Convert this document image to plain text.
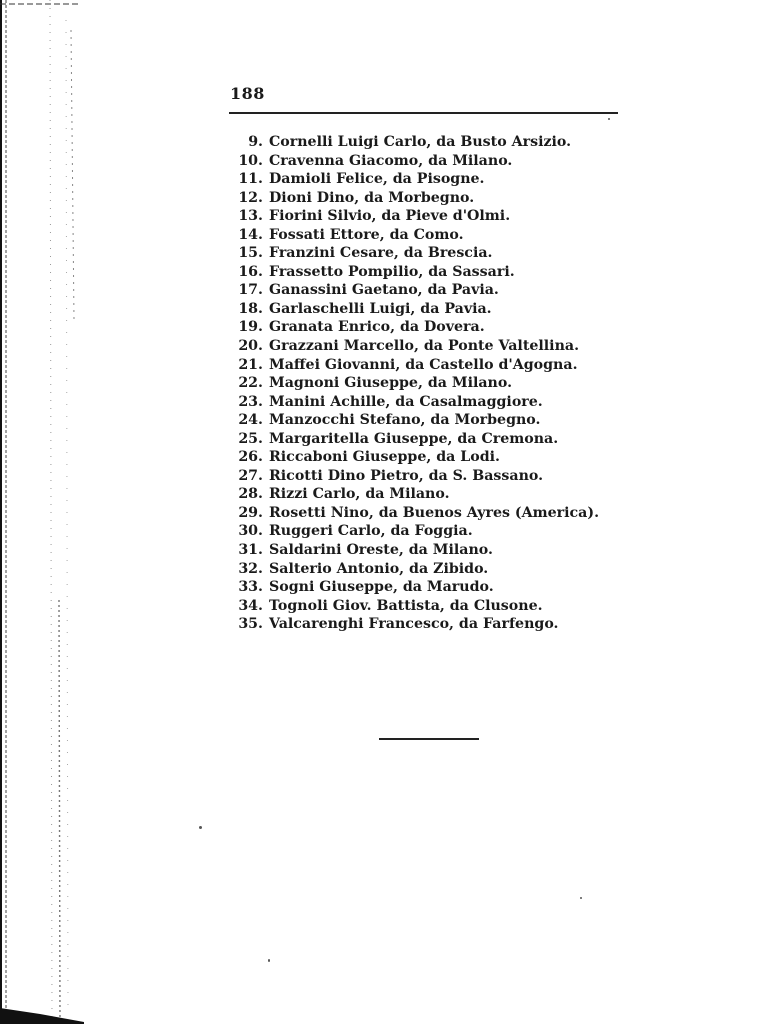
188
9. Cornelli Luigi Carlo, da Busto Arsizio.
10. Cravenna Giacomo, da Milano.
11. Damioli Felice, da Pisogne.
12. Dioni Dino, da Morbegno.
13. Fiorini Silvio, da Pieve d'Olmi.
14. Fossati Ettore, da Como.
15. Franzini Cesare, da Brescia.
16. Frassetto Pompilio, da Sassari.
17. Ganassini Gaetano, da Pavia.
18. Garlaschelli Luigi, da Pavia.
19. Granata Enrico, da Dovera.
20. Grazzani Marcello, da Ponte Valtellina.
21. Maffei Giovanni, da Castello d'Agogna.
22. Magnoni Giuseppe, da Milano.
23. Manini Achille, da Casalmaggiore.
24. Manzocchi Stefano, da Morbegno.
25. Margaritella Giuseppe, da Cremona.
26. Riccaboni Giuseppe, da Lodi.
27. Ricotti Dino Pietro, da S. Bassano.
28. Rizzi Carlo, da Milano.
29. Rosetti Nino, da Buenos Ayres (America).
30. Ruggeri Carlo, da Foggia.
31. Saldarini Oreste, da Milano.
32. Salterio Antonio, da Zibido.
33. Sogni Giuseppe, da Marudo.
34. Tognoli Giov. Battista, da Clusone.
35. Valcarenghi Francesco, da Farfengo.
